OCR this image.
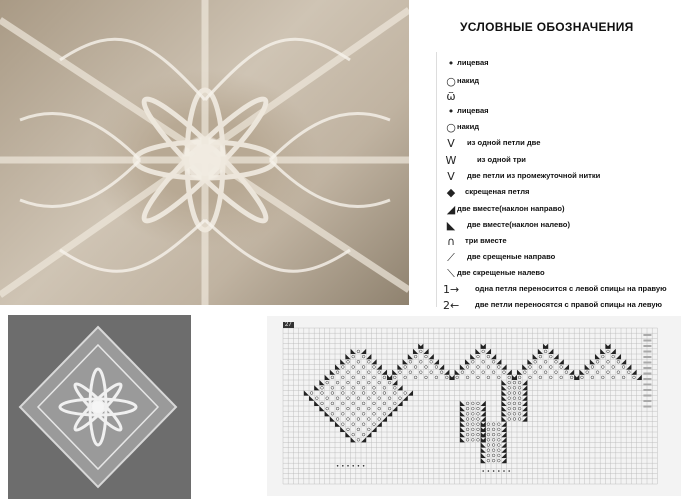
УСЛОВНЫЕ ОБОЗНАЧЕНИЯ
• лицевая
○ накид
ѿ
• лицевая
○ накид
V	из одной петли две
W	из одной три
V	две петли из промежуточной нитки
◆	скрещеная петля
◢ две вместе(наклон направо)
◣	две вместе(наклон налево)
∩	три вместе
⟋	две срещеные направо
⟍ две скрещеные налево
1→ одна петля переносится с левой спицы на правую
2← две петли переносятся с правой спицы на левую
27
